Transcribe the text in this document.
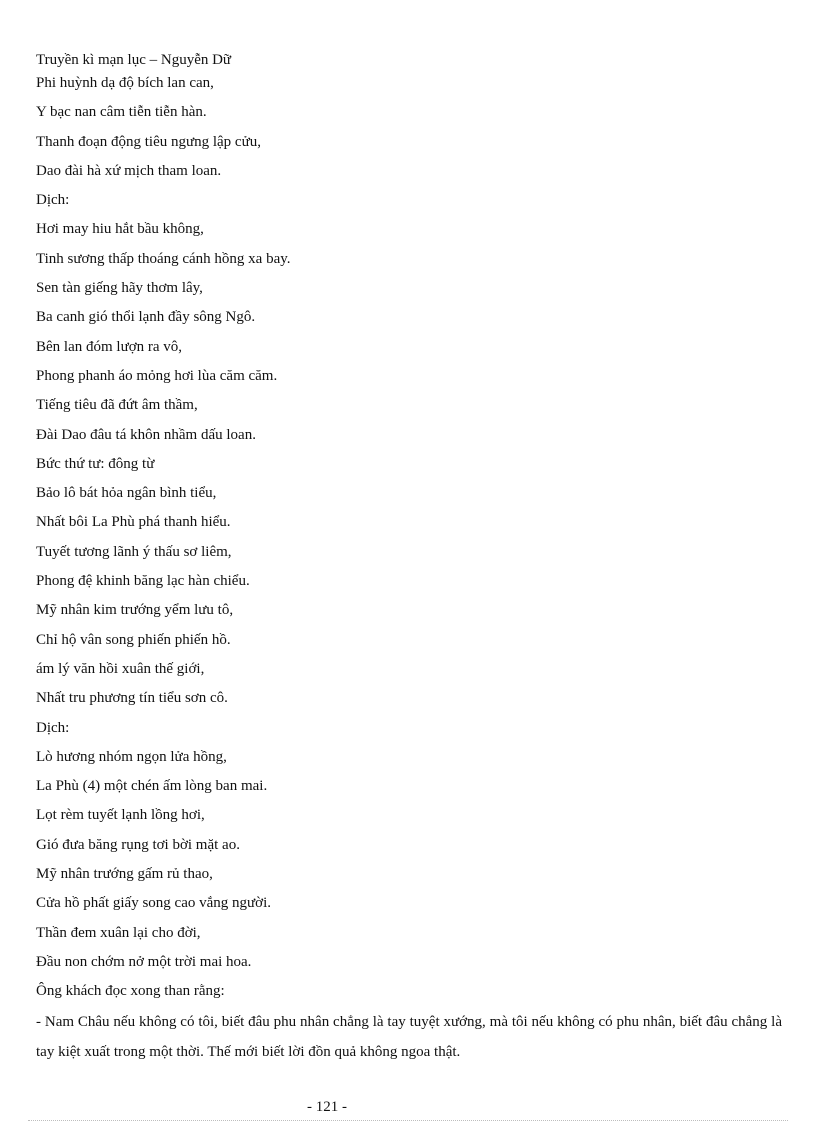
Truyền kì mạn lục – Nguyễn Dữ

Phi huỳnh dạ độ bích lan can,

Y bạc nan câm tiễn tiễn hàn.

Thanh đoạn động tiêu ngưng lập cửu,

Dao đài hà xứ mịch tham loan.

Dịch:

Hơi may hiu hắt bầu không,

Tinh sương thấp thoáng cánh hồng xa bay.

Sen tàn giếng hãy thơm lây,

Ba canh gió thổi lạnh đầy sông Ngô.

Bên lan đóm lượn ra vô,

Phong phanh áo mỏng hơi lùa căm căm.

Tiếng tiêu đã đứt âm thầm,

Đài Dao đâu tá khôn nhầm dấu loan.

Bức thứ tư: đông từ

Bảo lô bát hỏa ngân bình tiểu,

Nhất bôi La Phù phá thanh hiểu.

Tuyết tương lãnh ý thấu sơ liêm,

Phong đệ khinh băng lạc hàn chiểu.

Mỹ nhân kim trướng yểm lưu tô,

Chỉ hộ vân song phiến phiến hồ.

ám lý văn hồi xuân thế giới,

Nhất tru phương tín tiểu sơn cô.

Dịch:

Lò hương nhóm ngọn lửa hồng,

La Phù (4) một chén ấm lòng ban mai.

Lọt rèm tuyết lạnh lồng hơi,

Gió đưa băng rụng tơi bời mặt ao.

Mỹ nhân trướng gấm rủ thao,

Cửa hồ phất giấy song cao vắng người.

Thần đem xuân lại cho đời,

Đầu non chớm nở một trời mai hoa.

Ông khách đọc xong than rằng:

- Nam Châu nếu không có tôi, biết đâu phu nhân chẳng là tay tuyệt xướng, mà tôi nếu không có phu nhân, biết đâu chẳng là tay kiệt xuất trong một thời. Thế mới biết lời đồn quả không ngoa thật.

- 121 -
